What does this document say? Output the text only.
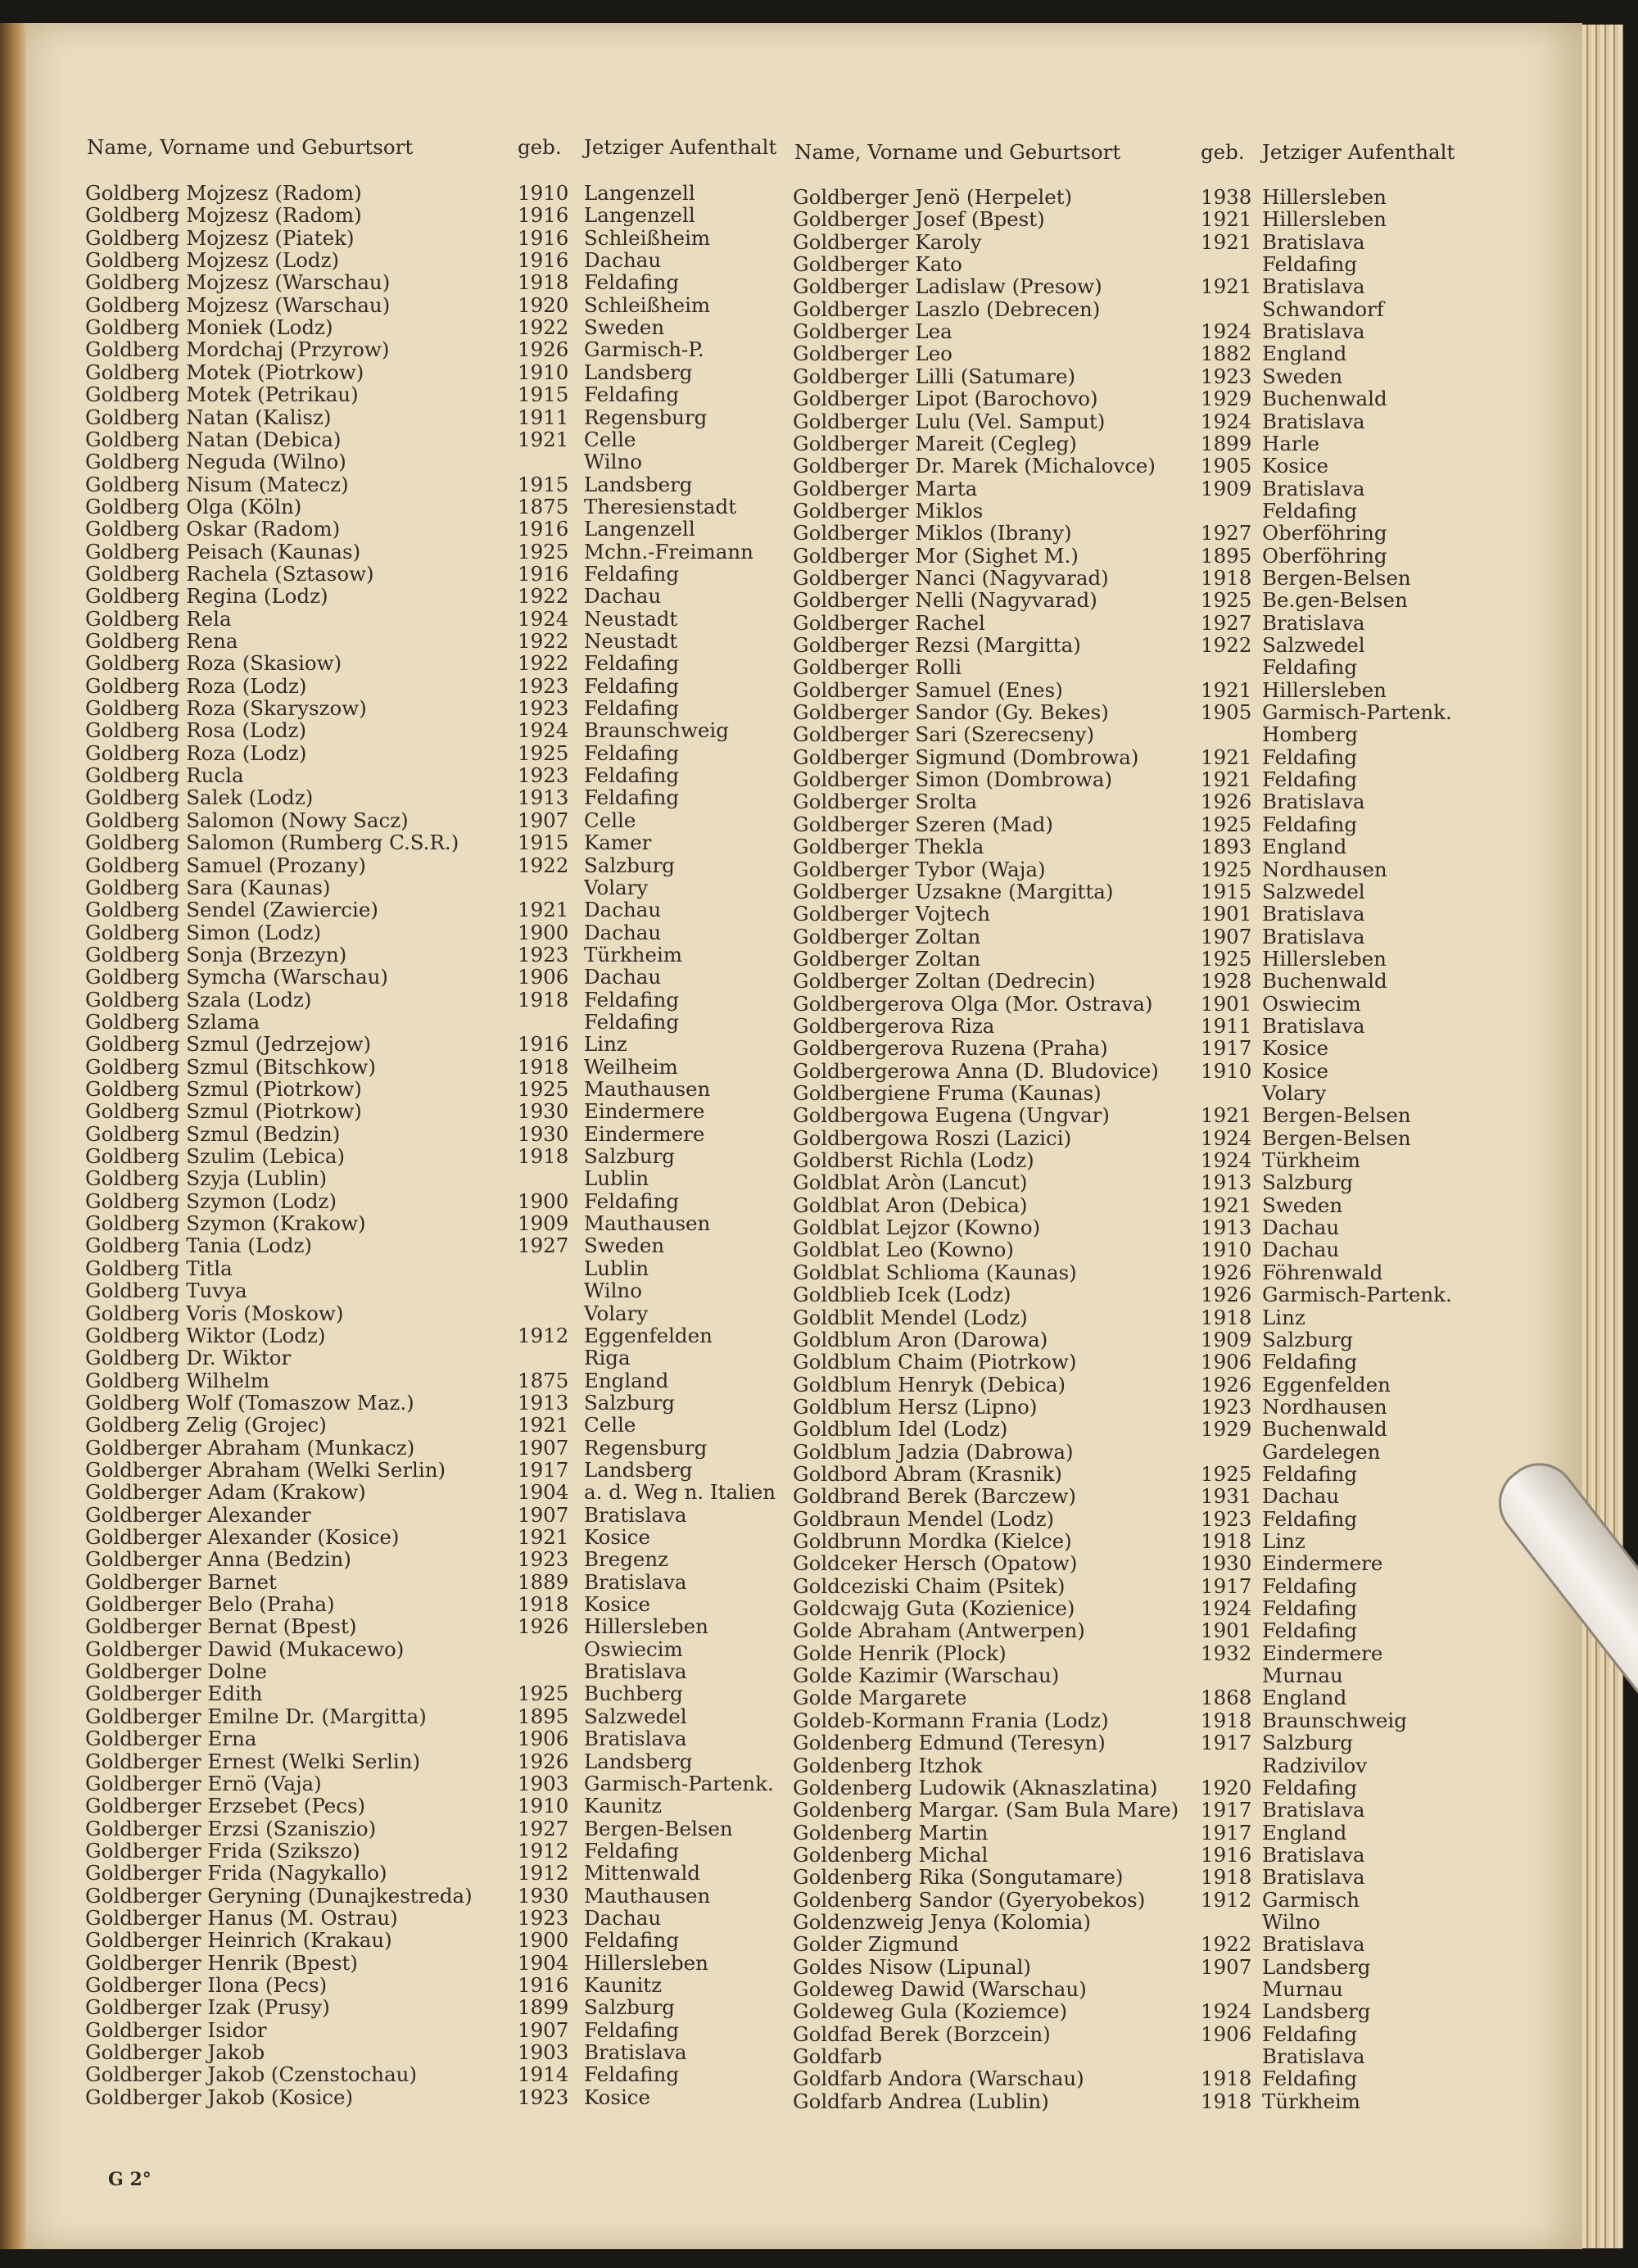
Name, Vorname und Geburtsort	geb. Jetziger Aufenthalt
Goldberg Mojzesz (Radom)	1910 Langenzell
Goldberg Mojzesz (Radom)	1916 Langenzell
Goldberg Mojzesz (Piatek)	1916 Schleißheim
Goldberg Mojzesz (Lodz)	1916 Dachau
Goldberg Mojzesz (Warschau)	1918 Feldafing
Goldberg Mojzesz (Warschau)	1920 Schleißheim
Goldberg Moniek (Lodz)	1922 Sweden
Goldberg Mordchaj (Przyrow)	1926 Garmisch-P.
Goldberg Motek (Piotrkow)	1910 Landsberg
Goldberg Motek (Petrikau)	1915 Feldafing
Goldberg Natan (Kalisz)	1911 Regensburg
Goldberg Natan (Debica)	1921 Celle
Goldberg Neguda (Wilno)	Wilno
Goldberg Nisum (Matecz)	1915 Landsberg
Goldberg Olga (Köln)	1875 Theresienstadt
Goldberg Oskar (Radom)	1916 Langenzell
Goldberg Peisach (Kaunas)	1925 Mchn.-Freimann
Goldberg Rachela (Sztasow)	1916 Feldafing
Goldberg Regina (Lodz)	1922 Dachau
Goldberg Rela	1924 Neustadt
Goldberg Rena	1922 Neustadt
Goldberg Roza (Skasiow)	1922 Feldafing
Goldberg Roza (Lodz)	1923 Feldafing
Goldberg Roza (Skaryszow)	1923 Feldafing
Goldberg Rosa (Lodz)	1924 Braunschweig
Goldberg Roza (Lodz)	1925 Feldafing
Goldberg Rucla	1923 Feldafing
Goldberg Salek (Lodz)	1913 Feldafing
Goldberg Salomon (Nowy Sacz)	1907 Celle
Goldberg Salomon (Rumberg C.S.R.)	1915 Kamer
Goldberg Samuel (Prozany)	1922 Salzburg
Goldberg Sara (Kaunas)	Volary
Goldberg Sendel (Zawiercie)	1921 Dachau
Goldberg Simon (Lodz)	1900 Dachau
Goldberg Sonja (Brzezyn)	1923 Türkheim
Goldberg Symcha (Warschau)	1906 Dachau
Goldberg Szala (Lodz)	1918 Feldafing
Goldberg Szlama	Feldafing
Goldberg Szmul (Jedrzejow)	1916 Linz
Goldberg Szmul (Bitschkow)	1918 Weilheim
Goldberg Szmul (Piotrkow)	1925 Mauthausen
Goldberg Szmul (Piotrkow)	1930 Eindermere
Goldberg Szmul (Bedzin)	1930 Eindermere
Goldberg Szulim (Lebica)	1918 Salzburg
Goldberg Szyja (Lublin)	Lublin
Goldberg Szymon (Lodz)	1900 Feldafing
Goldberg Szymon (Krakow)	1909 Mauthausen
Goldberg Tania (Lodz)	1927 Sweden
Goldberg Titla	Lublin
Goldberg Tuvya	Wilno
Goldberg Voris (Moskow)	Volary
Goldberg Wiktor (Lodz)	1912 Eggenfelden
Goldberg Dr. Wiktor	Riga
Goldberg Wilhelm	1875 England
Goldberg Wolf (Tomaszow Maz.)	1913 Salzburg
Goldberg Zelig (Grojec)	1921 Celle
Goldberger Abraham (Munkacz)	1907 Regensburg
Goldberger Abraham (Welki Serlin)	1917 Landsberg
Goldberger Adam (Krakow)	1904 a. d. Weg n. Italien
Goldberger Alexander	1907 Bratislava
Goldberger Alexander (Kosice)	1921 Kosice
Goldberger Anna (Bedzin)	1923 Bregenz
Goldberger Barnet	1889 Bratislava
Goldberger Belo (Praha)	1918 Kosice
Goldberger Bernat (Bpest)	1926 Hillersleben
Goldberger Dawid (Mukacewo)	Oswiecim
Goldberger Dolne	Bratislava
Goldberger Edith	1925 Buchberg
Goldberger Emilne Dr. (Margitta)	1895 Salzwedel
Goldberger Erna	1906 Bratislava
Goldberger Ernest (Welki Serlin)	1926 Landsberg
Goldberger Ernö (Vaja)	1903 Garmisch-Partenk.
Goldberger Erzsebet (Pecs)	1910 Kaunitz
Goldberger Erzsi (Szaniszio)	1927 Bergen-Belsen
Goldberger Frida (Szikszo)	1912 Feldafing
Goldberger Frida (Nagykallo)	1912 Mittenwald
Goldberger Geryning (Dunajkestreda) 1930 Mauthausen
Goldberger Hanus (M. Ostrau)	1923 Dachau
Goldberger Heinrich (Krakau)	1900 Feldafing
Goldberger Henrik (Bpest)	1904 Hillersleben
Goldberger Ilona (Pecs)	1916 Kaunitz
Goldberger Izak (Prusy)	1899 Salzburg
Goldberger Isidor	1907 Feldafing
Goldberger Jakob	1903 Bratislava
Goldberger Jakob (Czenstochau)	1914 Feldafing
Goldberger Jakob (Kosice)	1923 Kosice
Name, Vorname und Geburtsort	geb. Jetziger Aufenthalt
Goldberger Jenö (Herpelet)	1938 Hillersleben
Goldberger Josef (Bpest)	1921 Hillersleben
Goldberger Karoly	1921 Bratislava
Goldberger Kato	Feldafing
Goldberger Ladislaw (Presow)	1921 Bratislava
Goldberger Laszlo (Debrecen)	Schwandorf
Goldberger Lea	1924 Bratislava
Goldberger Leo	1882 England
Goldberger Lilli (Satumare)	1923 Sweden
Goldberger Lipot (Barochovo)	1929 Buchenwald
Goldberger Lulu (Vel. Samput)	1924 Bratislava
Goldberger Mareit (Cegleg)	1899 Harle
Goldberger Dr. Marek (Michalovce) 1905 Kosice
Goldberger Marta	1909 Bratislava
Goldberger Miklos	Feldafing
Goldberger Miklos (Ibrany)	1927 Oberföhring
Goldberger Mor (Sighet M.)	1895 Oberföhring
Goldberger Nanci (Nagyvarad)	1918 Bergen-Belsen
Goldberger Nelli (Nagyvarad)	1925 Be.gen-Belsen
Goldberger Rachel	1927 Bratislava
Goldberger Rezsi (Margitta)	1922 Salzwedel
Goldberger Rolli	Feldafing
Goldberger Samuel (Enes)	1921 Hillersleben
Goldberger Sandor (Gy. Bekes)	1905 Garmisch-Partenk.
Goldberger Sari (Szerecseny)	Homberg
Goldberger Sigmund (Dombrowa)	1921 Feldafing
Goldberger Simon (Dombrowa)	1921 Feldafing
Goldberger Srolta	1926 Bratislava
Goldberger Szeren (Mad)	1925 Feldafing
Goldberger Thekla	1893 England
Goldberger Tybor (Waja)	1925 Nordhausen
Goldberger Uzsakne (Margitta)	1915 Salzwedel
Goldberger Vojtech	1901 Bratislava
Goldberger Zoltan	1907 Bratislava
Goldberger Zoltan	1925 Hillersleben
Goldberger Zoltan (Dedrecin)	1928 Buchenwald
Goldbergerova Olga (Mor. Ostrava) 1901 Oswiecim
Goldbergerova Riza	1911 Bratislava
Goldbergerova Ruzena (Praha)	1917 Kosice
Goldbergerowa Anna (D. Bludovice) 1910 Kosice
Goldbergiene Fruma (Kaunas)	Volary
Goldbergowa Eugena (Ungvar)	1921 Bergen-Belsen
Goldbergowa Roszi (Lazici)	1924 Bergen-Belsen
Goldberst Richla (Lodz)	1924 Türkheim
Goldblat Aròn (Lancut)	1913 Salzburg
Goldblat Aron (Debica)	1921 Sweden
Goldblat Lejzor (Kowno)	1913 Dachau
Goldblat Leo (Kowno)	1910 Dachau
Goldblat Schlioma (Kaunas)	1926 Föhrenwald
Goldblieb Icek (Lodz)	1926 Garmisch-Partenk.
Goldblit Mendel (Lodz)	1918 Linz
Goldblum Aron (Darowa)	1909 Salzburg
Goldblum Chaim (Piotrkow)	1906 Feldafing
Goldblum Henryk (Debica)	1926 Eggenfelden
Goldblum Hersz (Lipno)	1923 Nordhausen
Goldblum Idel (Lodz)	1929 Buchenwald
Goldblum Jadzia (Dabrowa)	Gardelegen
Goldbord Abram (Krasnik)	1925 Feldafing
Goldbrand Berek (Barczew)	1931 Dachau
Goldbraun Mendel (Lodz)	1923 Feldafing
Goldbrunn Mordka (Kielce)	1918 Linz
Goldceker Hersch (Opatow)	1930 Eindermere
Goldceziski Chaim (Psitek)	1917 Feldafing
Goldcwajg Guta (Kozienice)	1924 Feldafing
Golde Abraham (Antwerpen)	1901 Feldafing
Golde Henrik (Plock)	1932 Eindermere
Golde Kazimir (Warschau)	Murnau
Golde Margarete	1868 England
Goldeb-Kormann Frania (Lodz)	1918 Braunschweig
Goldenberg Edmund (Teresyn)	1917 Salzburg
Goldenberg Itzhok	Radzivilov
Goldenberg Ludowik (Aknaszlatina) 1920 Feldafing
Goldenberg Margar. (Sam Bula Mare) 1917 Bratislava
Goldenberg Martin	1917 England
Goldenberg Michal	1916 Bratislava
Goldenberg Rika (Songutamare)	1918 Bratislava
Goldenberg Sandor (Gyeryobekos)	1912 Garmisch
Goldenzweig Jenya (Kolomia)	Wilno
Golder Zigmund	1922 Bratislava
Goldes Nisow (Lipunal)	1907 Landsberg
Goldeweg Dawid (Warschau)	Murnau
Goldeweg Gula (Koziemce)	1924 Landsberg
Goldfad Berek (Borzcein)	1906 Feldafing
Goldfarb	Bratislava
Goldfarb Andora (Warschau)	1918 Feldafing
Goldfarb Andrea (Lublin)	1918 Türkheim
G 2°
